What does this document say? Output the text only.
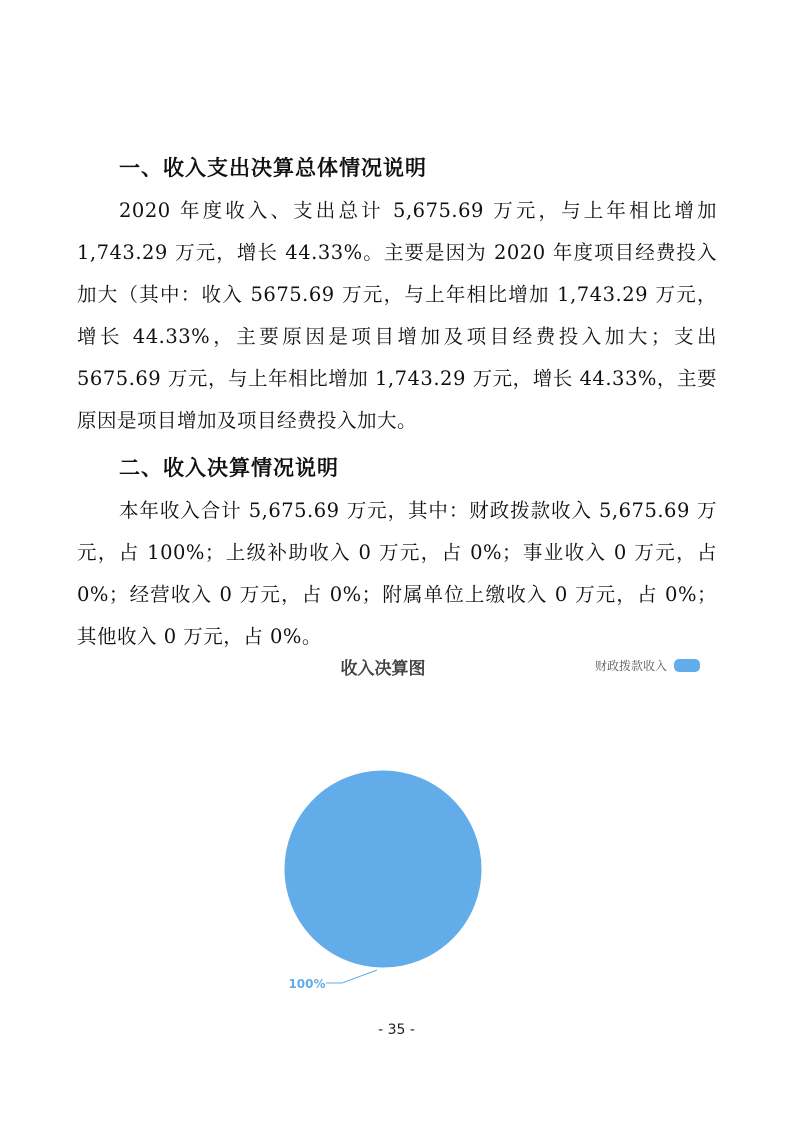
一、收入支出决算总体情况说明
2020 年度收入、支出总计 5,675.69 万元，与上年相比增加 1,743.29 万元，增长 44.33%。主要是因为 2020 年度项目经费投入加大（其中：收入 5675.69 万元，与上年相比增加 1,743.29 万元，增长 44.33%，主要原因是项目增加及项目经费投入加大；支出 5675.69 万元，与上年相比增加 1,743.29 万元，增长 44.33%，主要原因是项目增加及项目经费投入加大。
二、收入决算情况说明
本年收入合计 5,675.69 万元，其中：财政拨款收入 5,675.69 万元，占 100%；上级补助收入 0 万元，占 0%；事业收入 0 万元，占 0%；经营收入 0 万元，占 0%；附属单位上缴收入 0 万元，占 0%；其他收入 0 万元，占 0%。
收入决算图	财政拨款收入
100%
- 35 -
